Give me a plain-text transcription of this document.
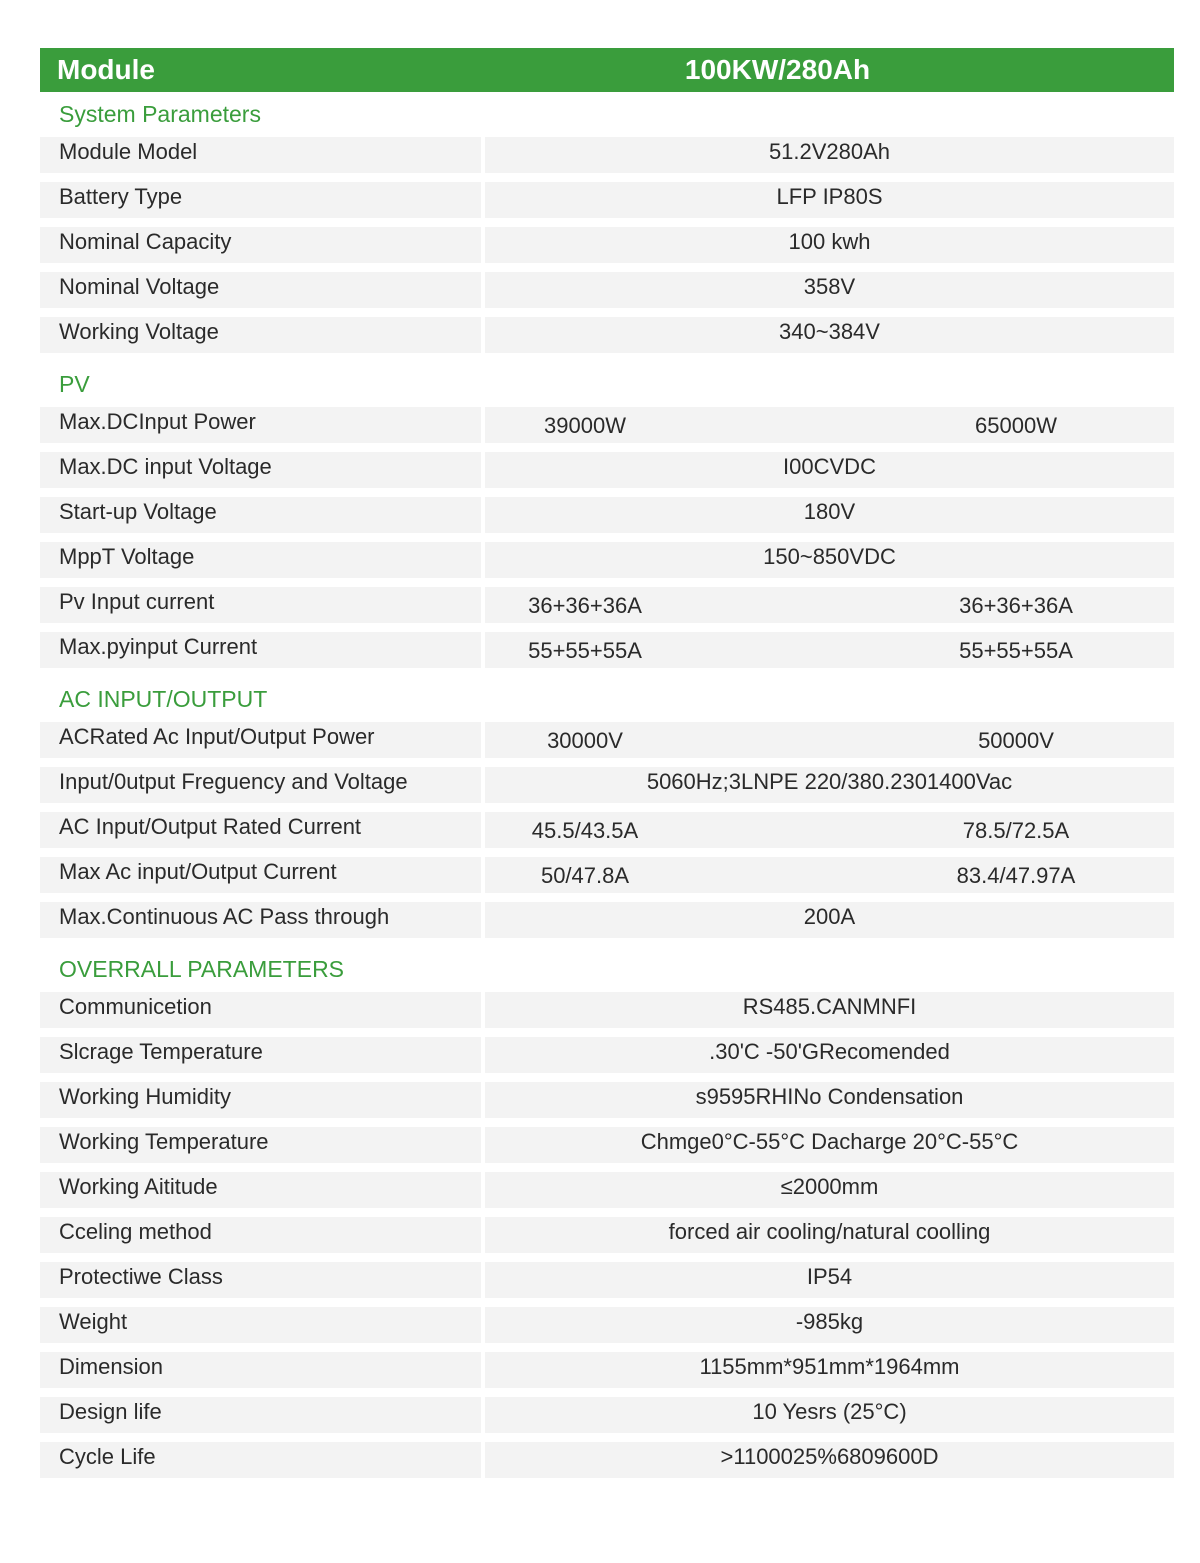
Module	100KW/280Ah
System Parameters
Module Model	51.2V280Ah
Battery Type	LFP IP80S
Nominal Capacity	100 kwh
Nominal Voltage	358V
Working Voltage	340~384V
PV
Max.DCInput Power	39000W	65000W
Max.DC input Voltage	I00CVDC
Start-up Voltage	180V
MppT Voltage	150~850VDC
Pv Input current	36+36+36A	36+36+36A
Max.pyinput Current	55+55+55A	55+55+55A
AC INPUT/OUTPUT
ACRated Ac Input/Output Power	30000V	50000V
Input/0utput Freguency and Voltage	5060Hz;3LNPE 220/380.2301400Vac
AC Input/Output Rated Current	45.5/43.5A	78.5/72.5A
Max Ac input/Output Current	50/47.8A	83.4/47.97A
Max.Continuous AC Pass through	200A
OVERRALL PARAMETERS
Communicetion	RS485.CANMNFI
Slcrage Temperature	.30'C -50'GRecomended
Working Humidity	s9595RHINo Condensation
Working Temperature	Chmge0°C-55°C Dacharge 20°C-55°C
Working Aititude	≤2000mm
Cceling method	forced air cooling/natural coolling
Protectiwe Class	IP54
Weight	-985kg
Dimension	1155mm*951mm*1964mm
Design life	10 Yesrs (25°C)
Cycle Life	>1100025%6809600D
